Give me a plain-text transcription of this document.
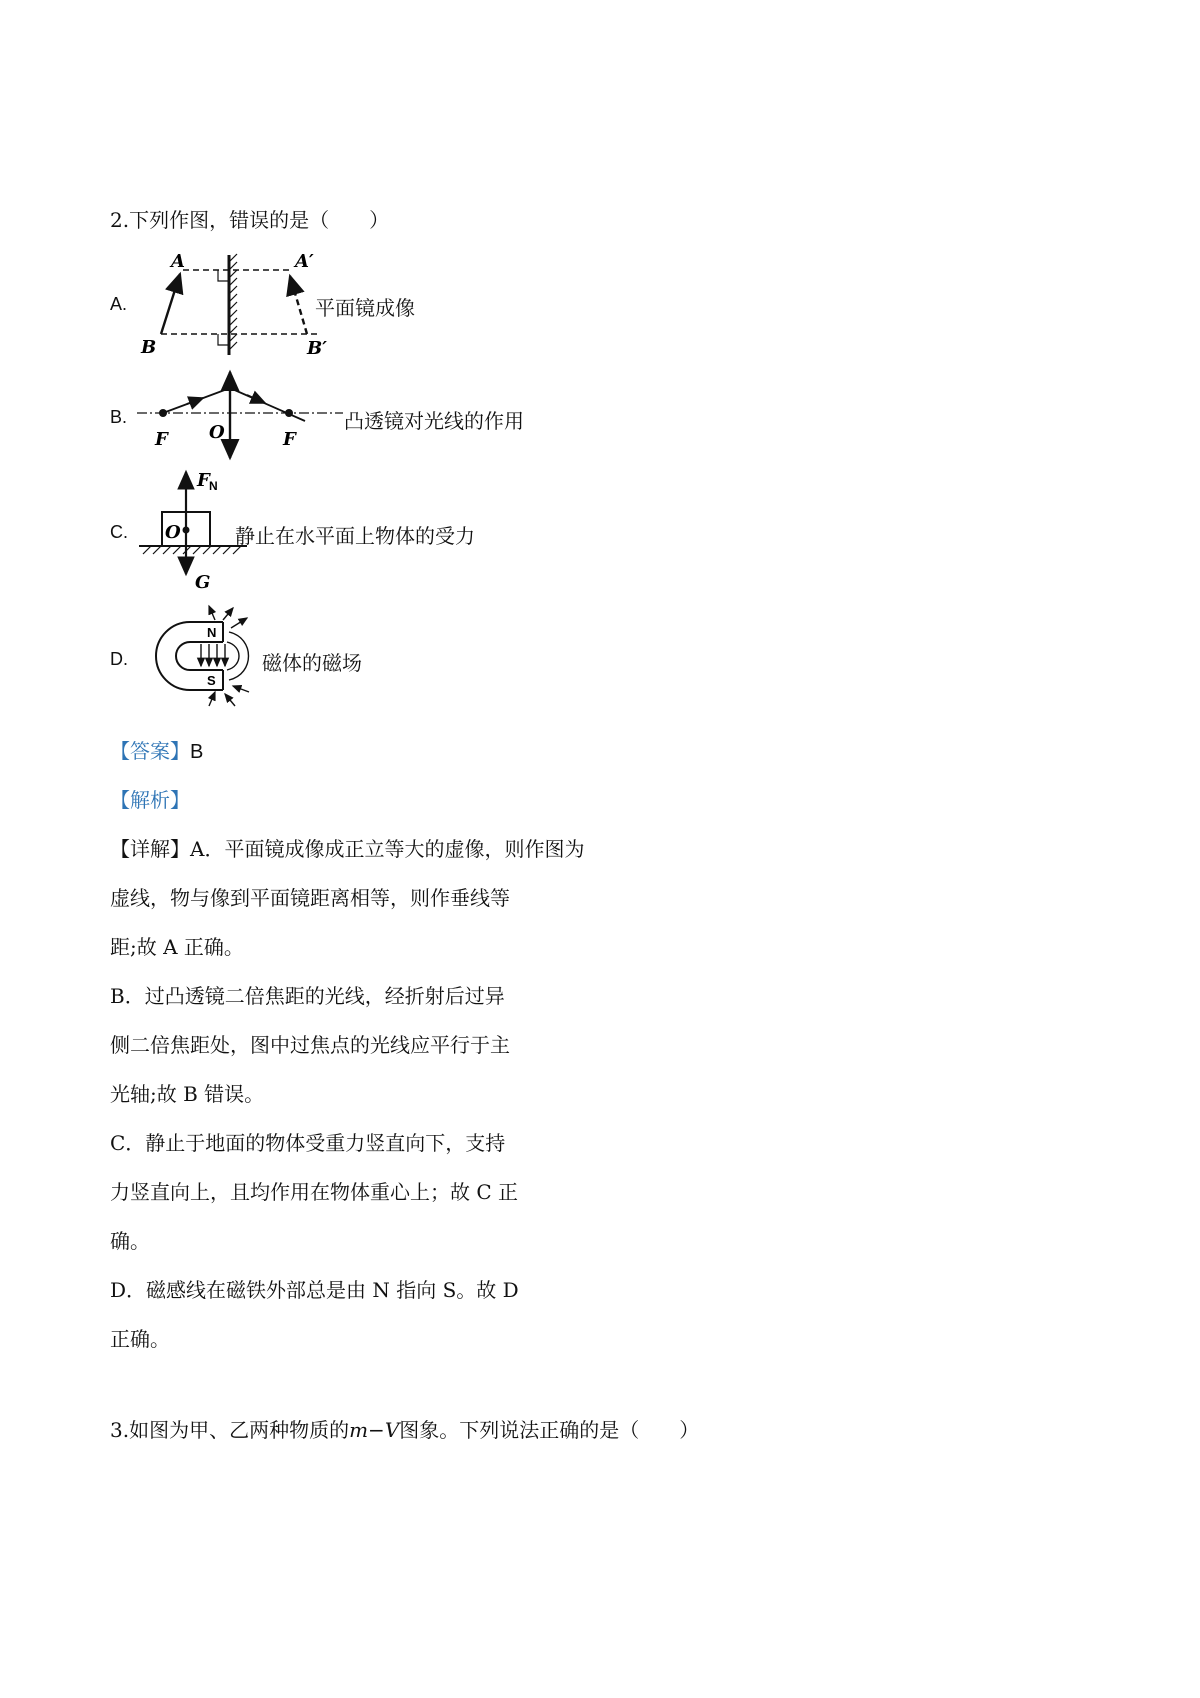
2.下列作图，错误的是（　　）
A.
A	A′
B	B′
平面镜成像
B.
F O	F
凸透镜对光线的作用
C.
F N
O
G
静止在水平面上物体的受力
D.
N
S
磁体的磁场
【答案】B
【解析】
【详解】A．平面镜成像成正立等大的虚像，则作图为
虚线，物与像到平面镜距离相等，则作垂线等
距;故 A 正确。
B．过凸透镜二倍焦距的光线，经折射后过异
侧二倍焦距处，图中过焦点的光线应平行于主
光轴;故 B 错误。
C．静止于地面的物体受重力竖直向下，支持
力竖直向上，且均作用在物体重心上；故 C 正
确。
D．磁感线在磁铁外部总是由 N 指向 S。故 D
正确。
3.如图为甲、乙两种物质的m−V图象。下列说法正确的是（　　）
